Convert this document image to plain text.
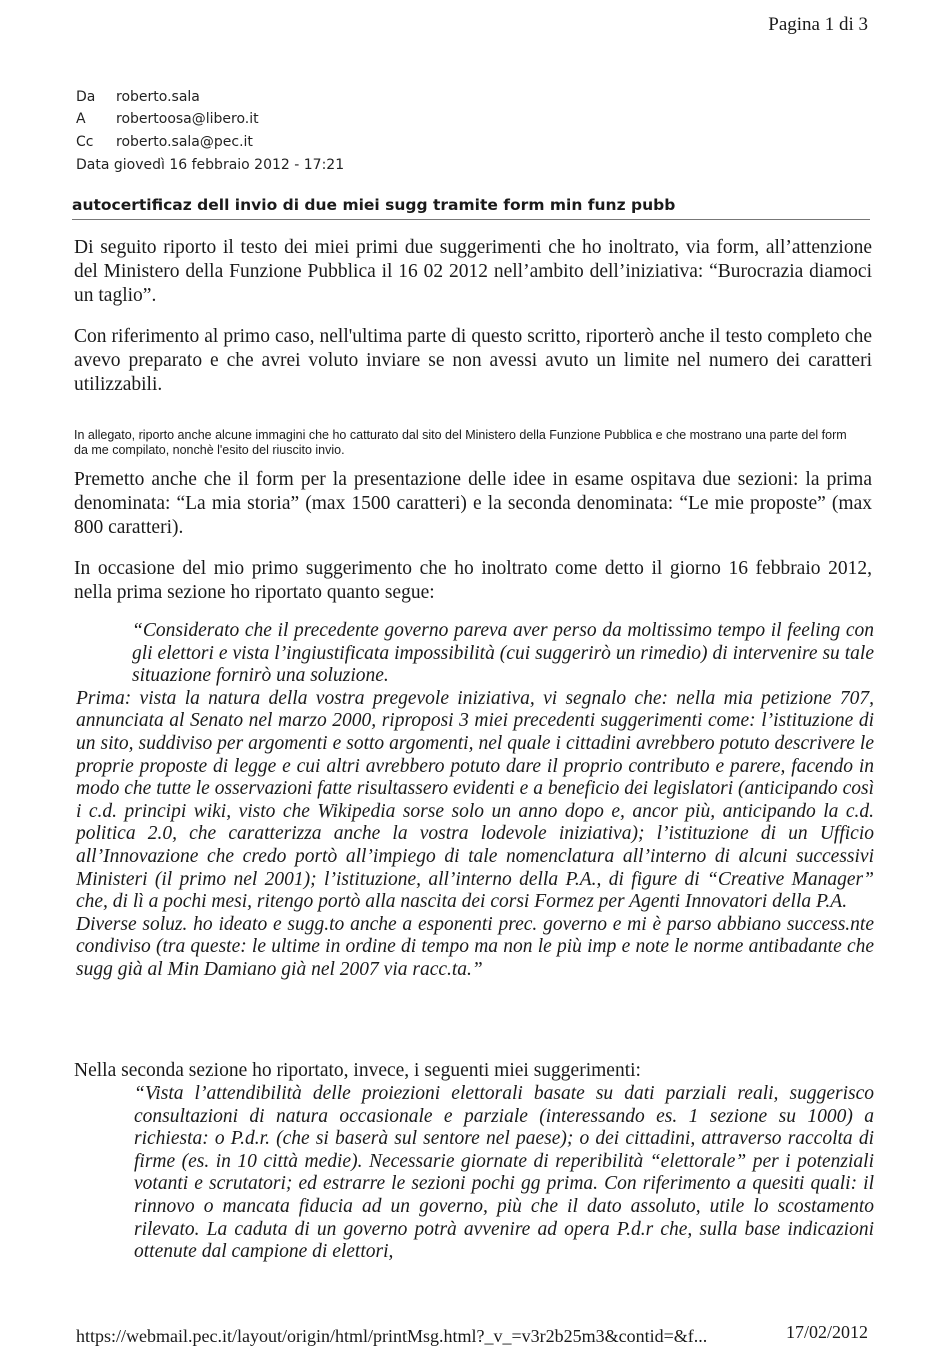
Pagina 1 di 3
Da roberto.sala
A robertoosa@libero.it
Cc roberto.sala@pec.it
Data giovedì 16 febbraio 2012 - 17:21
autocertificaz dell invio di due miei sugg tramite form min funz pubb

Di seguito riporto il testo dei miei primi due suggerimenti che ho inoltrato, via form, all’attenzione del Ministero della Funzione Pubblica il 16 02 2012 nell’ambito dell’iniziativa: “Burocrazia diamoci un taglio”.

Con riferimento al primo caso, nell'ultima parte di questo scritto, riporterò anche il testo completo che avevo preparato e che avrei voluto inviare se non avessi avuto un limite nel numero dei caratteri utilizzabili.

In allegato, riporto anche alcune immagini che ho catturato dal sito del Ministero della Funzione Pubblica e che mostrano una parte del form da me compilato, nonchè l'esito del riuscito invio.

Premetto anche che il form per la presentazione delle idee in esame ospitava due sezioni: la prima denominata: “La mia storia” (max 1500 caratteri) e la seconda denominata: “Le mie proposte” (max 800 caratteri).

In occasione del mio primo suggerimento che ho inoltrato come detto il giorno 16 febbraio 2012, nella prima sezione ho riportato quanto segue:

“Considerato che il precedente governo pareva aver perso da moltissimo tempo il feeling con gli elettori e vista l’ingiustificata impossibilità (cui suggerirò un rimedio) di intervenire su tale situazione fornirò una soluzione.

Prima: vista la natura della vostra pregevole iniziativa, vi segnalo che: nella mia petizione 707, annunciata al Senato nel marzo 2000, riproposi 3 miei precedenti suggerimenti come: l’istituzione di un sito, suddiviso per argomenti e sotto argomenti, nel quale i cittadini avrebbero potuto descrivere le proprie proposte di legge e cui altri avrebbero potuto dare il proprio contributo e parere, facendo in modo che tutte le osservazioni fatte risultassero evidenti e a beneficio dei legislatori (anticipando così i c.d. principi wiki, visto che Wikipedia sorse solo un anno dopo e, ancor più, anticipando la c.d. politica 2.0, che caratterizza anche la vostra lodevole iniziativa); l’istituzione di un Ufficio all’Innovazione che credo portò all’impiego di tale nomenclatura all’interno di alcuni successivi Ministeri (il primo nel 2001); l’istituzione, all’interno della P.A., di figure di “Creative Manager” che, di lì a pochi mesi, ritengo portò alla nascita dei corsi Formez per Agenti Innovatori della P.A.

Diverse soluz. ho ideato e sugg.to anche a esponenti prec. governo e mi è parso abbiano success.nte condiviso (tra queste: le ultime in ordine di tempo ma non le più imp e note le norme antibadante che sugg già al Min Damiano già nel 2007 via racc.ta.”

Nella seconda sezione ho riportato, invece, i seguenti miei suggerimenti:

“Vista l’attendibilità delle proiezioni elettorali basate su dati parziali reali, suggerisco consultazioni di natura occasionale e parziale (interessando es. 1 sezione su 1000) a richiesta: o P.d.r. (che si baserà sul sentore nel paese); o dei cittadini, attraverso raccolta di firme (es. in 10 città medie). Necessarie giornate di reperibilità “elettorale” per i potenziali votanti e scrutatori; ed estrarre le sezioni pochi gg prima. Con riferimento a quesiti quali: il rinnovo o mancata fiducia ad un governo, più che il dato assoluto, utile lo scostamento rilevato. La caduta di un governo potrà avvenire ad opera P.d.r che, sulla base indicazioni ottenute dal campione di elettori,

https://webmail.pec.it/layout/origin/html/printMsg.html?_v_=v3r2b25m3&contid=&f...	17/02/2012
